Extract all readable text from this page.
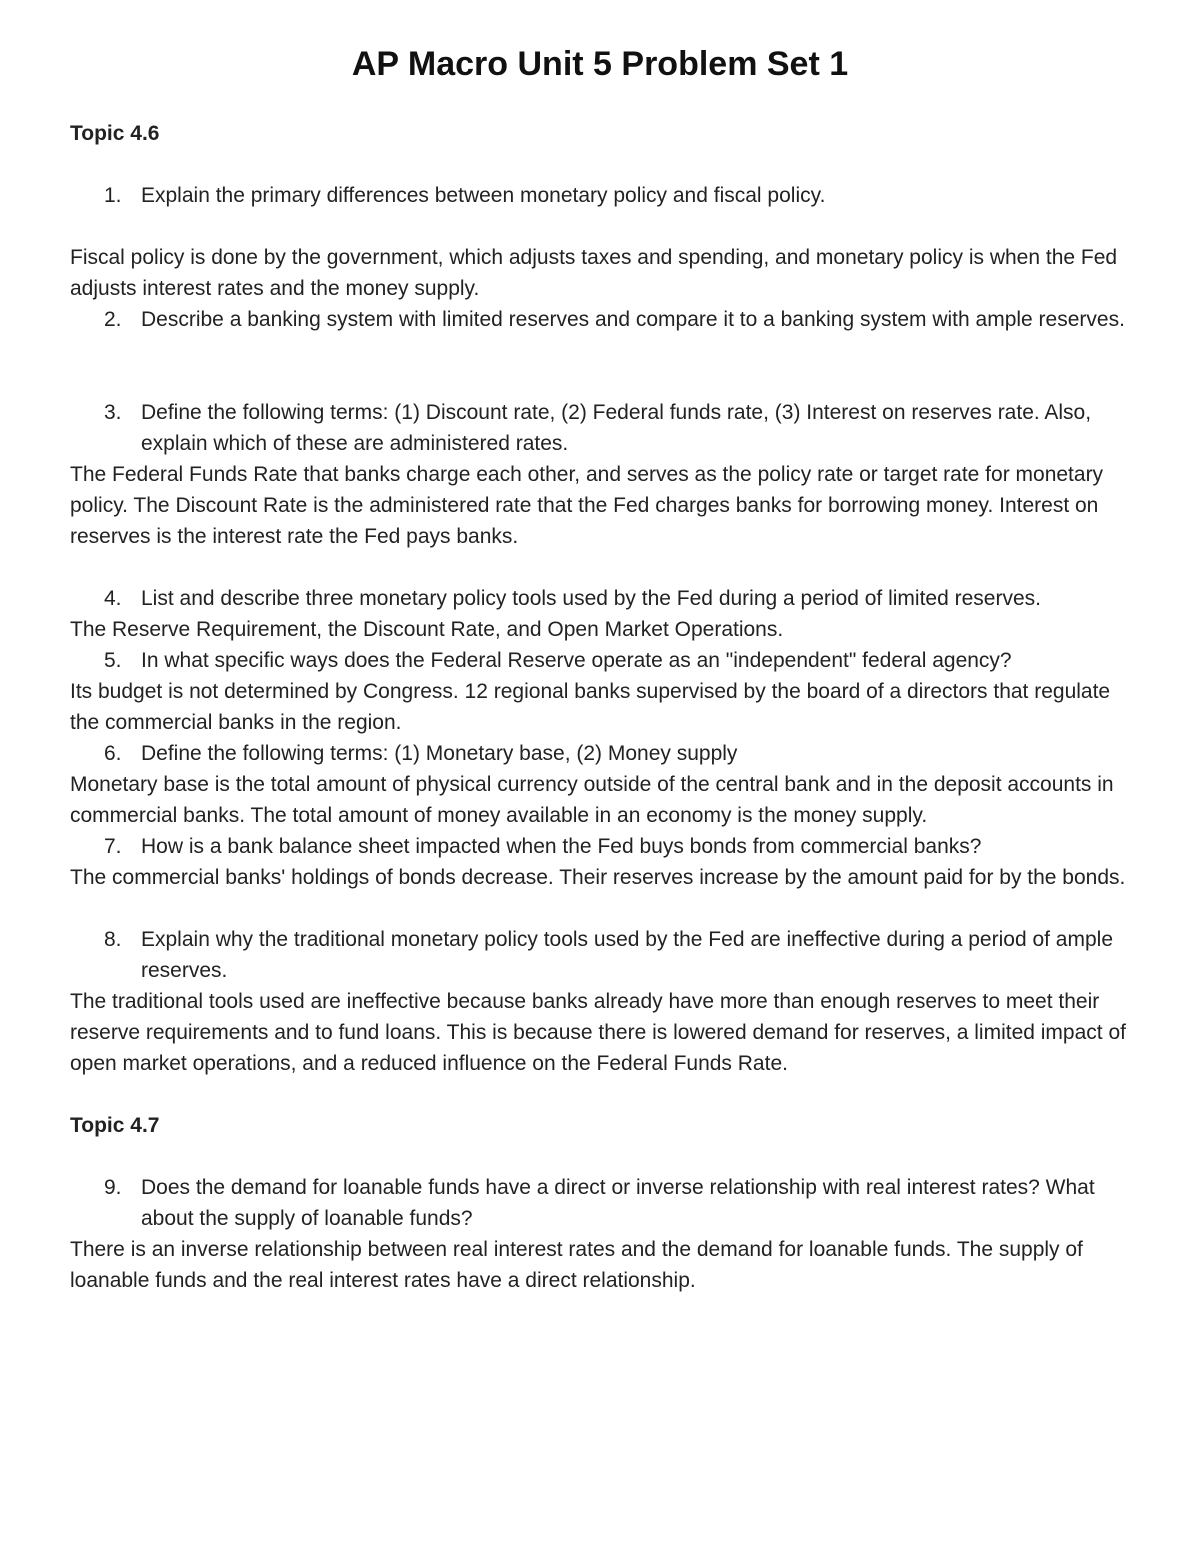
AP Macro Unit 5 Problem Set 1

Topic 4.6

1. Explain the primary differences between monetary policy and fiscal policy.

Fiscal policy is done by the government, which adjusts taxes and spending, and monetary policy is when the Fed adjusts interest rates and the money supply.

2. Describe a banking system with limited reserves and compare it to a banking system with ample reserves.
3. Define the following terms: (1) Discount rate, (2) Federal funds rate, (3) Interest on reserves rate. Also, explain which of these are administered rates.

The Federal Funds Rate that banks charge each other, and serves as the policy rate or target rate for monetary policy. The Discount Rate is the administered rate that the Fed charges banks for borrowing money. Interest on reserves is the interest rate the Fed pays banks.

4. List and describe three monetary policy tools used by the Fed during a period of limited reserves.

The Reserve Requirement, the Discount Rate, and Open Market Operations.

5. In what specific ways does the Federal Reserve operate as an "independent" federal agency?

Its budget is not determined by Congress. 12 regional banks supervised by the board of a directors that regulate the commercial banks in the region.

6. Define the following terms: (1) Monetary base, (2) Money supply

Monetary base is the total amount of physical currency outside of the central bank and in the deposit accounts in commercial banks. The total amount of money available in an economy is the money supply.

7. How is a bank balance sheet impacted when the Fed buys bonds from commercial banks?

The commercial banks' holdings of bonds decrease. Their reserves increase by the amount paid for by the bonds.

8. Explain why the traditional monetary policy tools used by the Fed are ineffective during a period of ample reserves.

The traditional tools used are ineffective because banks already have more than enough reserves to meet their reserve requirements and to fund loans. This is because there is lowered demand for reserves, a limited impact of open market operations, and a reduced influence on the Federal Funds Rate.

Topic 4.7

9. Does the demand for loanable funds have a direct or inverse relationship with real interest rates? What about the supply of loanable funds?

There is an inverse relationship between real interest rates and the demand for loanable funds. The supply of loanable funds and the real interest rates have a direct relationship.
